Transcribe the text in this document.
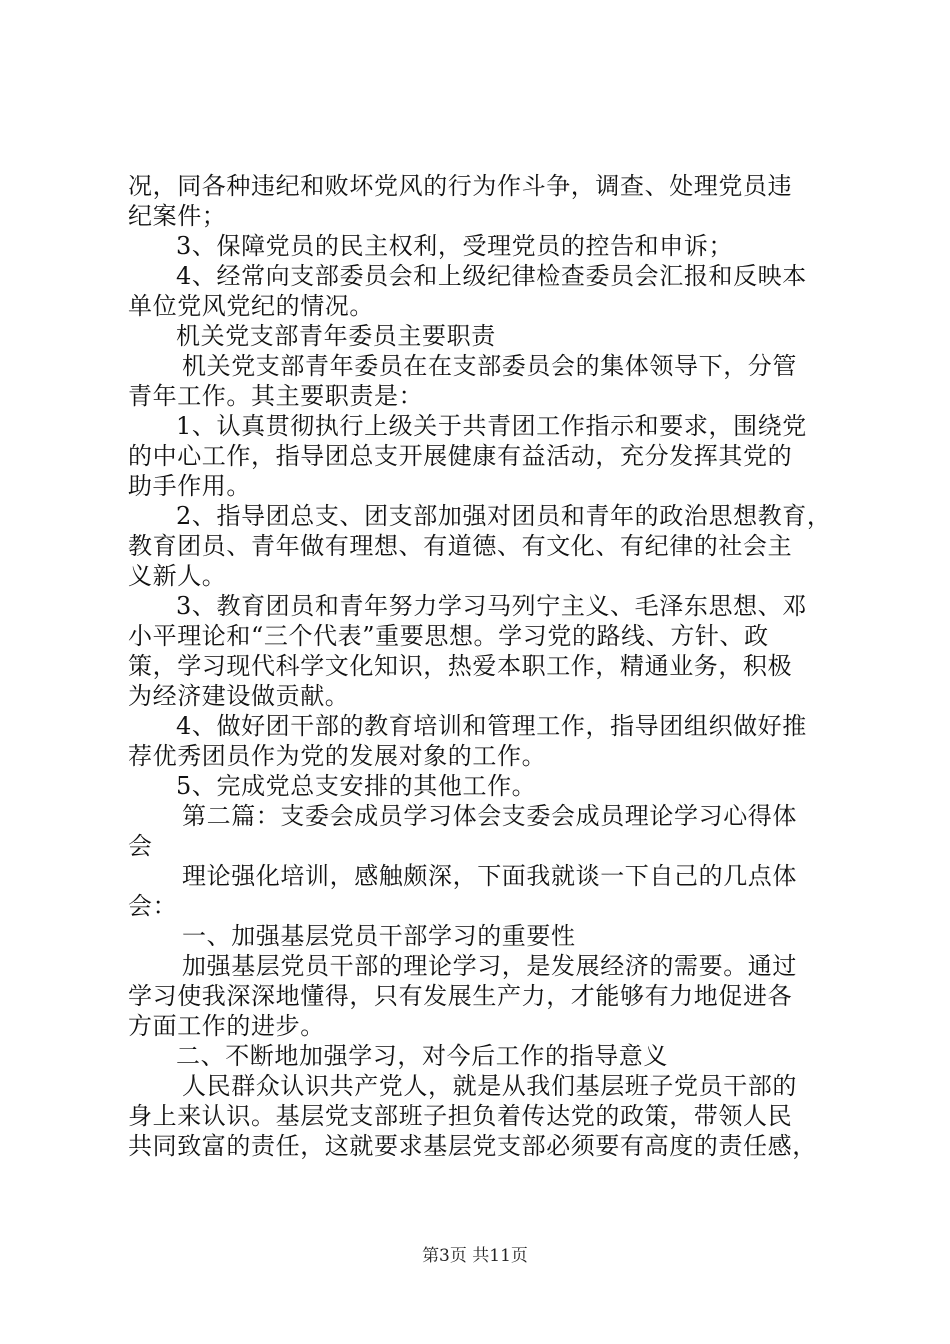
况，同各种违纪和败坏党风的行为作斗争，调查、处理党员违
纪案件；
3、保障党员的民主权利，受理党员的控告和申诉；
4、经常向支部委员会和上级纪律检查委员会汇报和反映本
单位党风党纪的情况。
机关党支部青年委员主要职责
机关党支部青年委员在在支部委员会的集体领导下，分管
青年工作。其主要职责是：
1、认真贯彻执行上级关于共青团工作指示和要求，围绕党
的中心工作，指导团总支开展健康有益活动，充分发挥其党的
助手作用。
2、指导团总支、团支部加强对团员和青年的政治思想教育，
教育团员、青年做有理想、有道德、有文化、有纪律的社会主
义新人。
3、教育团员和青年努力学习马列宁主义、毛泽东思想、邓
小平理论和“三个代表”重要思想。学习党的路线、方针、政
策，学习现代科学文化知识，热爱本职工作，精通业务，积极
为经济建设做贡献。
4、做好团干部的教育培训和管理工作，指导团组织做好推
荐优秀团员作为党的发展对象的工作。
5、完成党总支安排的其他工作。
第二篇：支委会成员学习体会支委会成员理论学习心得体
会
理论强化培训，感触颇深，下面我就谈一下自己的几点体
会：
一、加强基层党员干部学习的重要性
加强基层党员干部的理论学习，是发展经济的需要。通过
学习使我深深地懂得，只有发展生产力，才能够有力地促进各
方面工作的进步。
二、不断地加强学习，对今后工作的指导意义
人民群众认识共产党人，就是从我们基层班子党员干部的
身上来认识。基层党支部班子担负着传达党的政策，带领人民
共同致富的责任，这就要求基层党支部必须要有高度的责任感，
第3页 共11页
